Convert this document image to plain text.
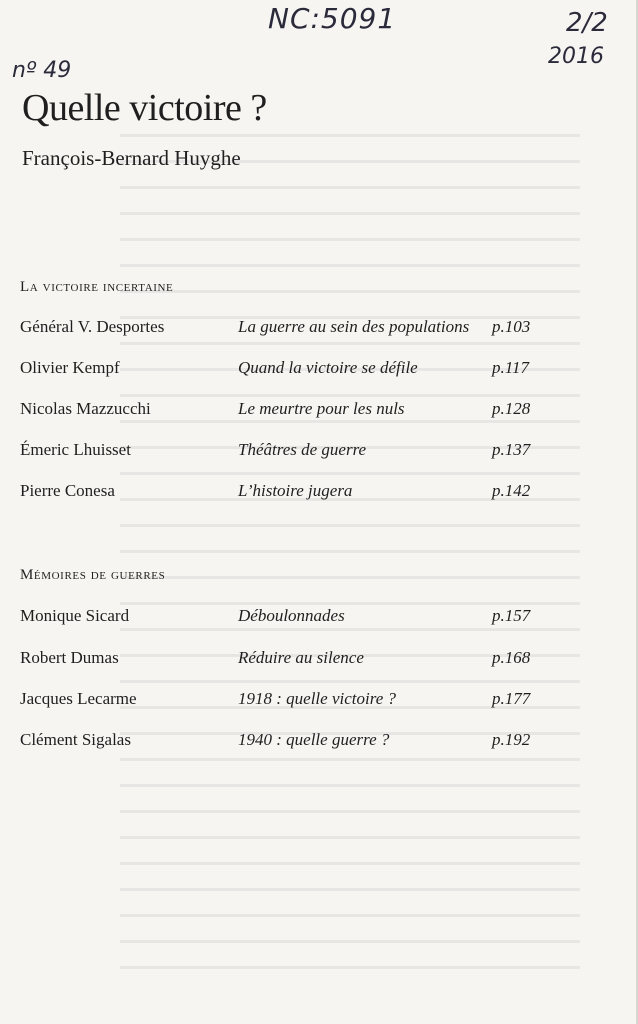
NC:5091	2/2
2016
nº 49
Quelle victoire ?
François-Bernard Huyghe
La victoire incertaine
Général V. Desportes	La guerre au sein des populations p.103
Olivier Kempf	Quand la victoire se défile	p.117
Nicolas Mazzucchi	Le meurtre pour les nuls	p.128
Émeric Lhuisset	Théâtres de guerre	p.137
Pierre Conesa	L’histoire jugera	p.142
Mémoires de guerres
Monique Sicard	Déboulonnades	p.157
Robert Dumas	Réduire au silence	p.168
Jacques Lecarme	1918 : quelle victoire ?	p.177
Clément Sigalas	1940 : quelle guerre ?	p.192
